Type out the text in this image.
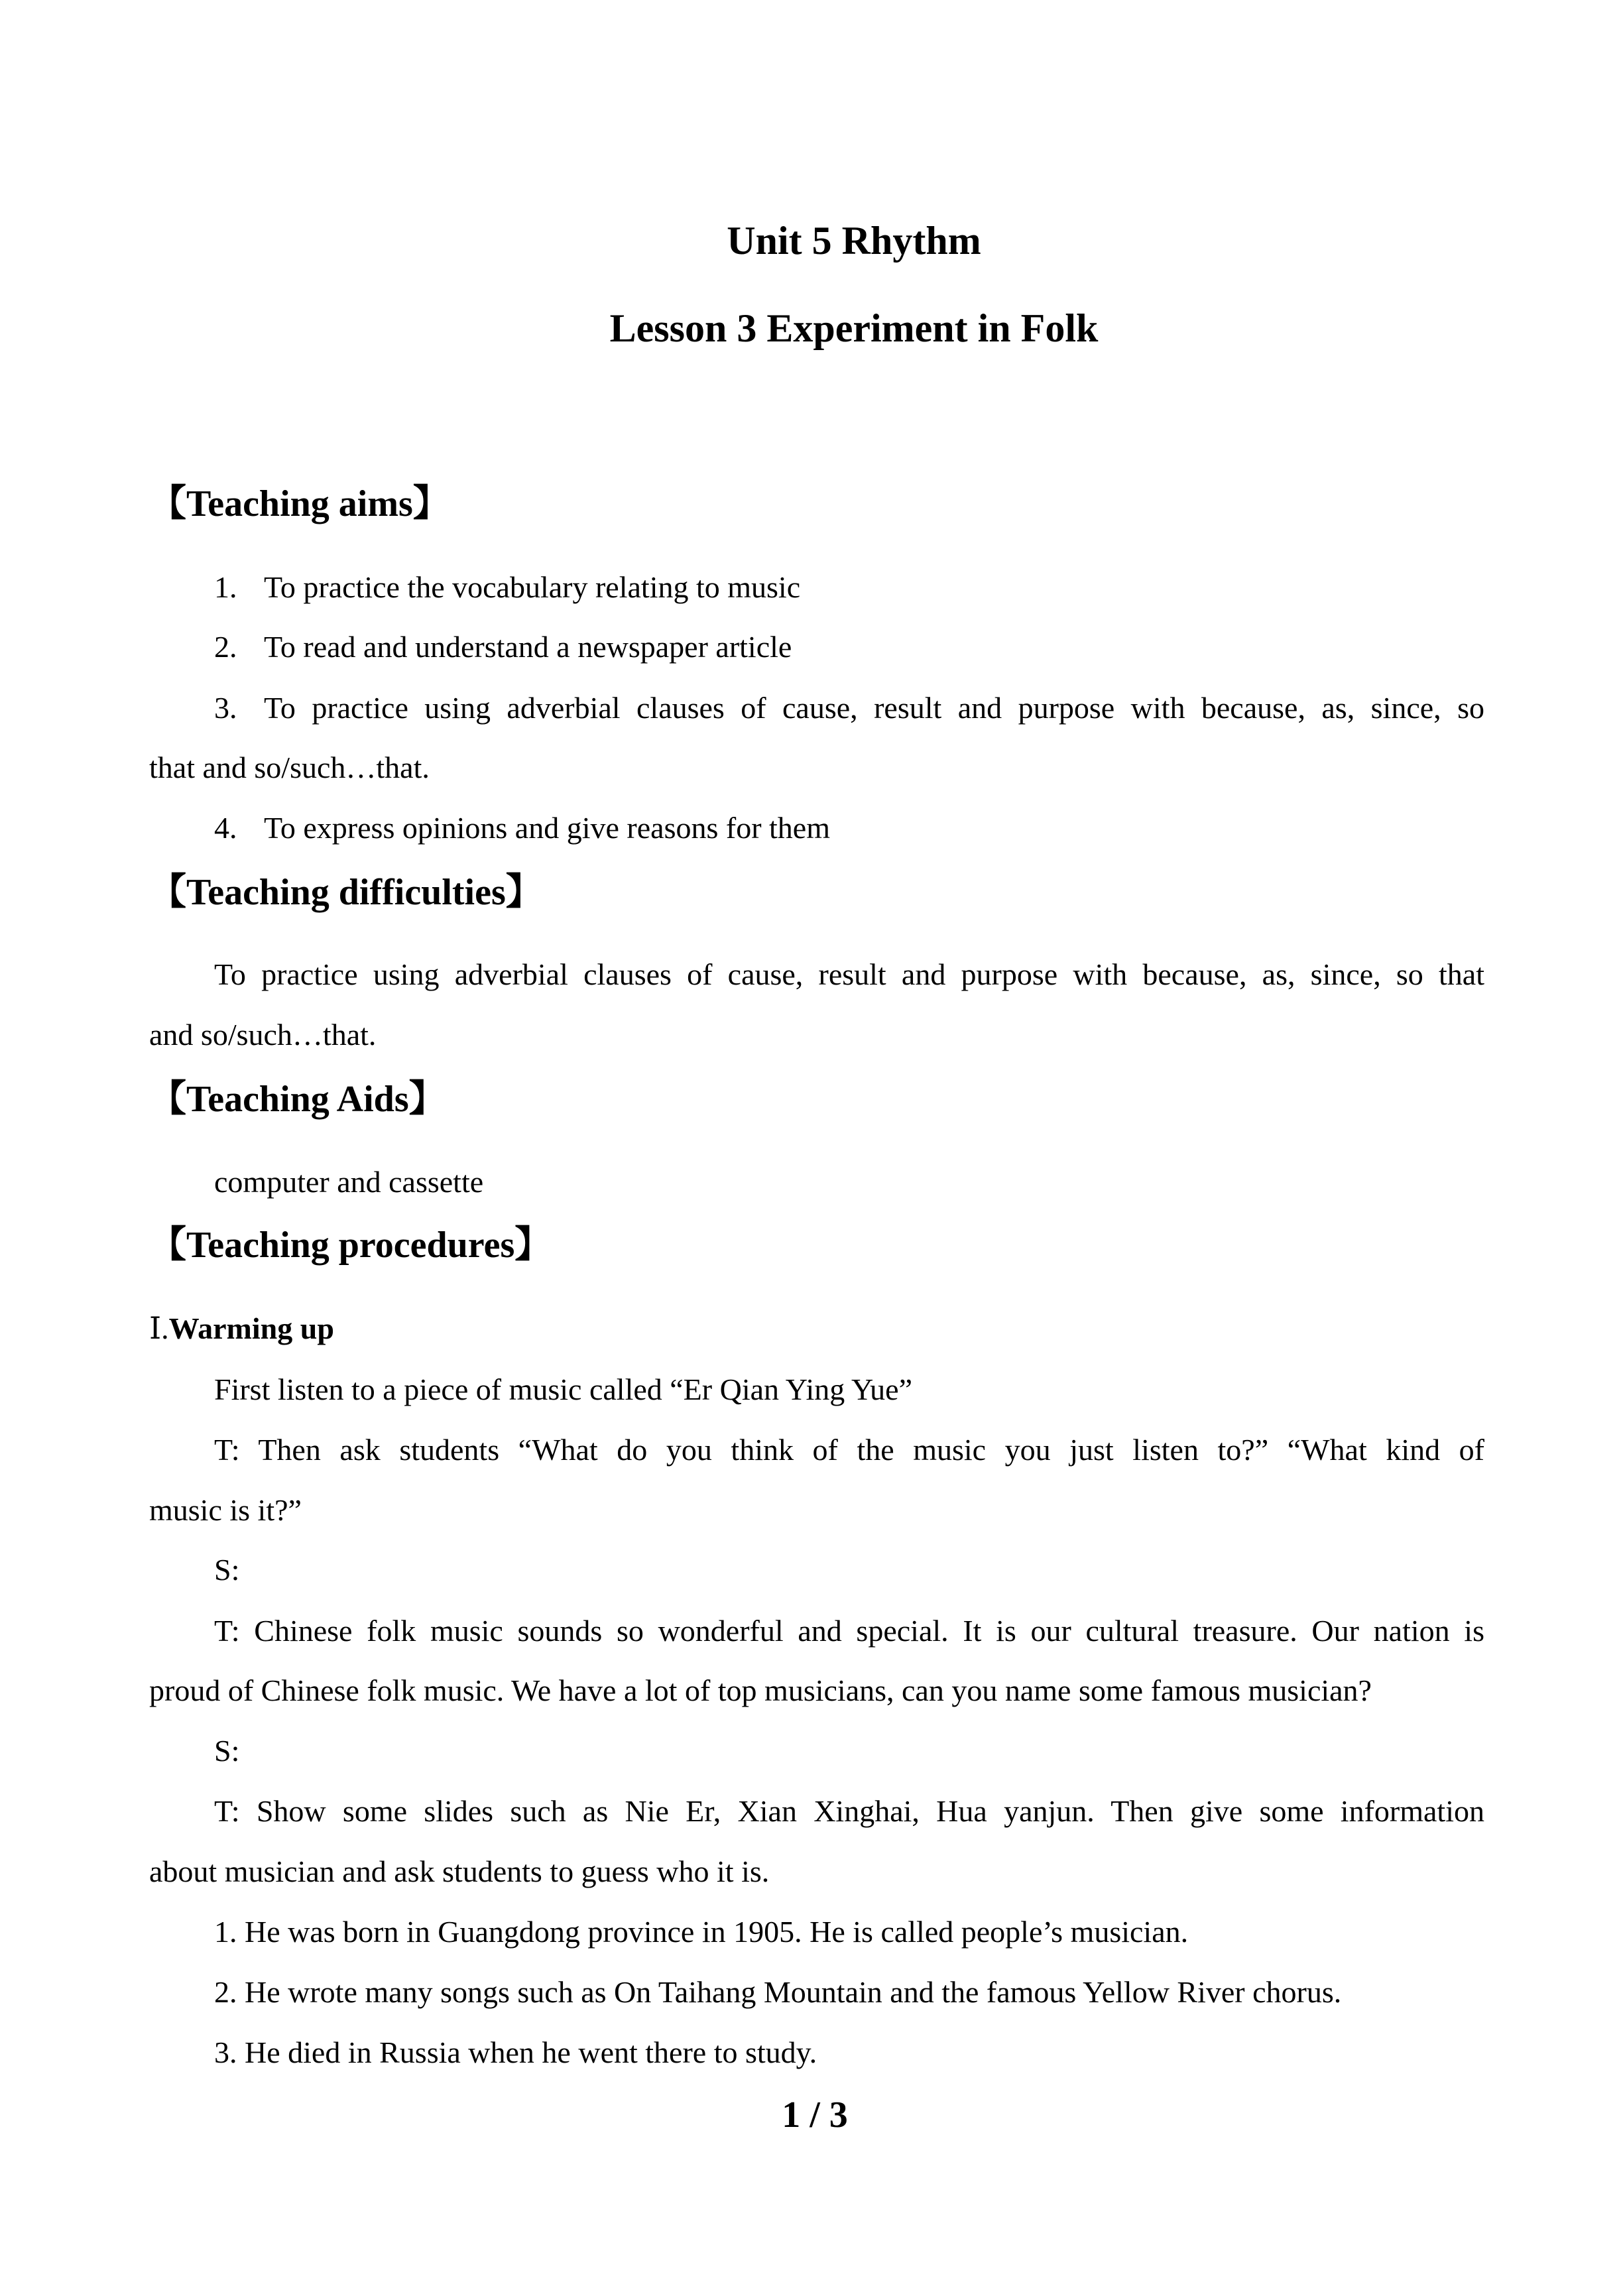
Unit 5 Rhythm
Lesson 3 Experiment in Folk
【Teaching aims】
1. To practice the vocabulary relating to music
2. To read and understand a newspaper article
3. To practice using adverbial clauses of cause, result and purpose with because, as, since, so
that and so/such…that.
4. To express opinions and give reasons for them
【Teaching difficulties】
To practice using adverbial clauses of cause, result and purpose with because, as, since, so that
and so/such…that.
【Teaching Aids】
computer and cassette
【Teaching procedures】
Ⅰ.Warming up
First listen to a piece of music called “Er Qian Ying Yue”
T: Then ask students “What do you think of the music you just listen to?” “What kind of
music is it?”
S:
T: Chinese folk music sounds so wonderful and special. It is our cultural treasure. Our nation is
proud of Chinese folk music. We have a lot of top musicians, can you name some famous musician?
S:
T: Show some slides such as Nie Er, Xian Xinghai, Hua yanjun. Then give some information
about musician and ask students to guess who it is.
1. He was born in Guangdong province in 1905. He is called people’s musician.
2. He wrote many songs such as On Taihang Mountain and the famous Yellow River chorus.
3. He died in Russia when he went there to study.
1 / 3
